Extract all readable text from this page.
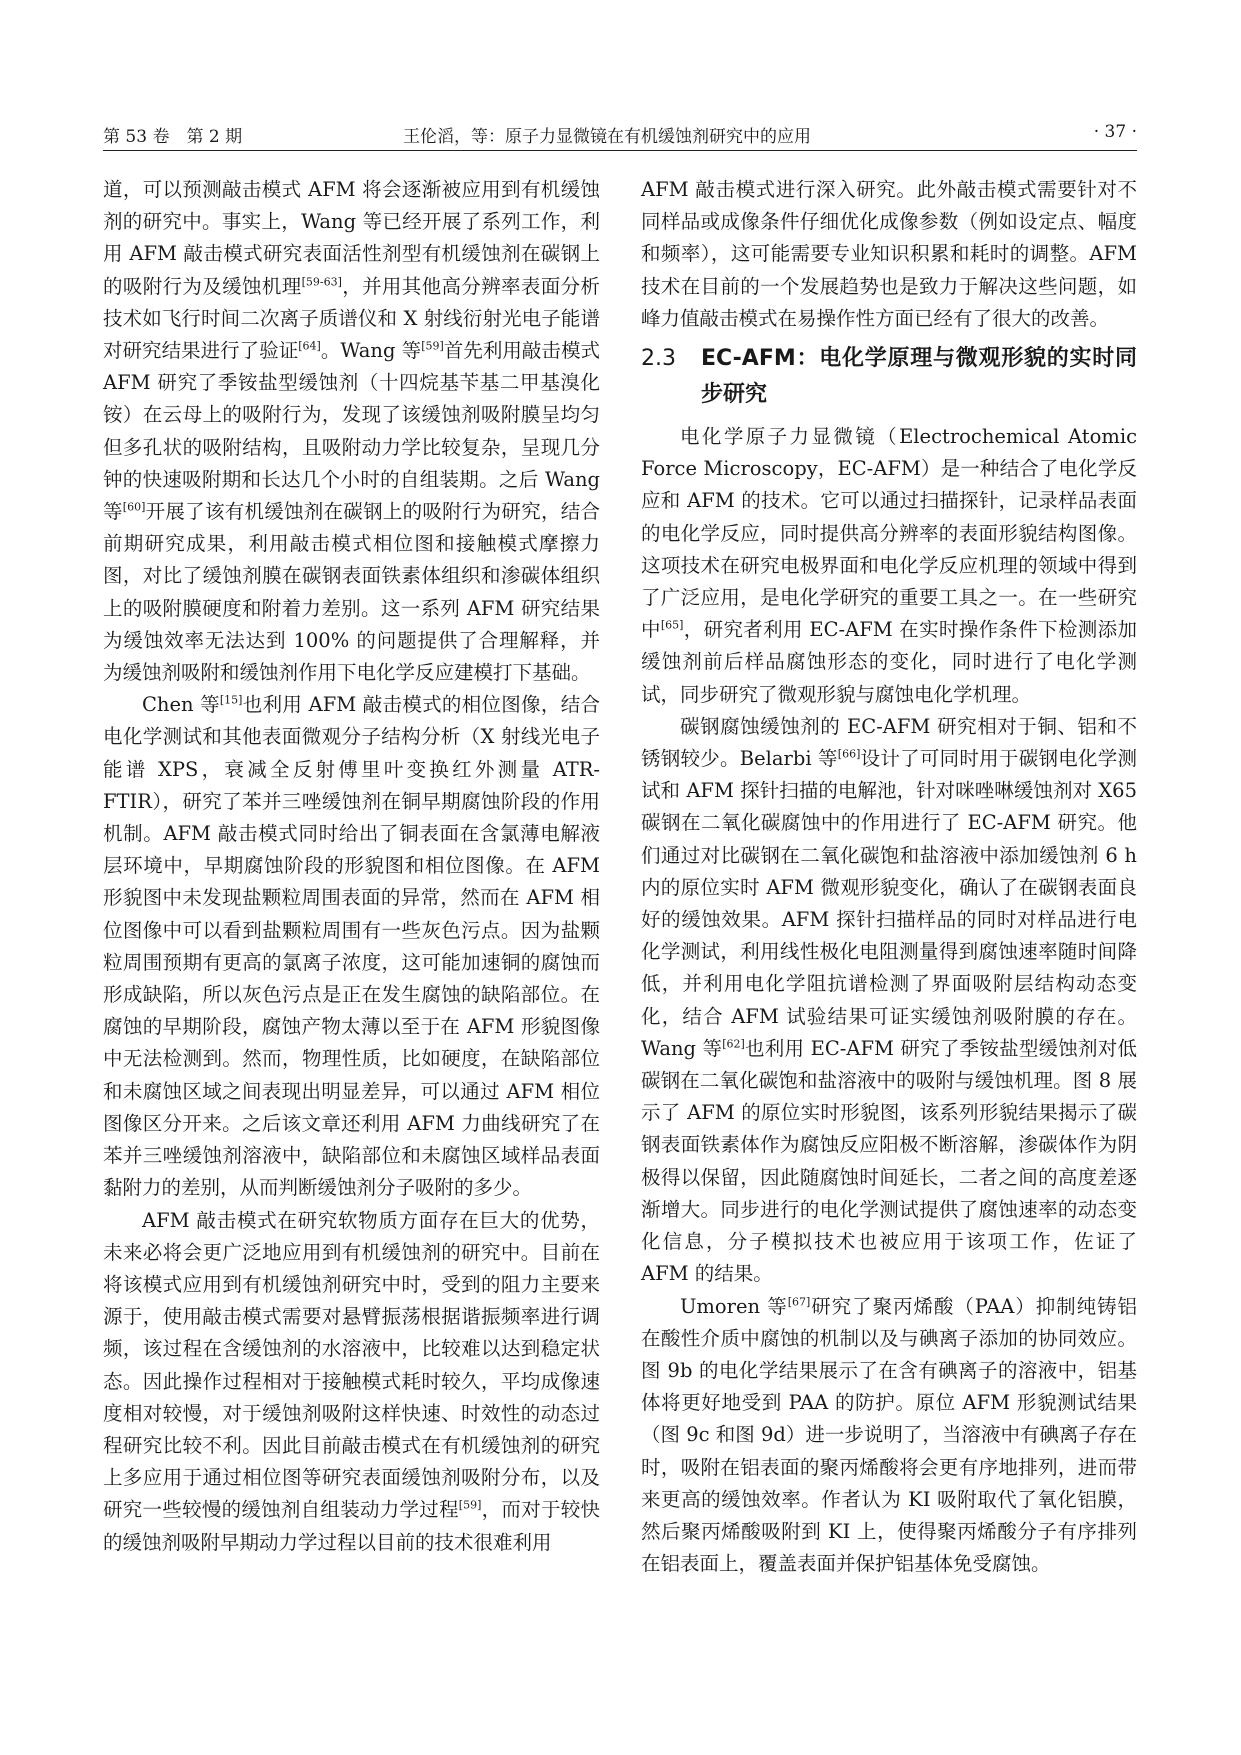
第 53 卷　第 2 期	王伦滔，等：原子力显微镜在有机缓蚀剂研究中的应用	· 37 ·

道，可以预测敲击模式 AFM 将会逐渐被应用到有机缓蚀剂的研究中。事实上，Wang 等已经开展了系列工作，利用 AFM 敲击模式研究表面活性剂型有机缓蚀剂在碳钢上的吸附行为及缓蚀机理[59-63]，并用其他高分辨率表面分析技术如飞行时间二次离子质谱仪和 X 射线衍射光电子能谱对研究结果进行了验证[64]。Wang 等[59]首先利用敲击模式 AFM 研究了季铵盐型缓蚀剂（十四烷基苄基二甲基溴化铵）在云母上的吸附行为，发现了该缓蚀剂吸附膜呈均匀但多孔状的吸附结构，且吸附动力学比较复杂，呈现几分钟的快速吸附期和长达几个小时的自组装期。之后 Wang 等[60]开展了该有机缓蚀剂在碳钢上的吸附行为研究，结合前期研究成果，利用敲击模式相位图和接触模式摩擦力图，对比了缓蚀剂膜在碳钢表面铁素体组织和渗碳体组织上的吸附膜硬度和附着力差别。这一系列 AFM 研究结果为缓蚀效率无法达到 100% 的问题提供了合理解释，并为缓蚀剂吸附和缓蚀剂作用下电化学反应建模打下基础。

Chen 等[15]也利用 AFM 敲击模式的相位图像，结合电化学测试和其他表面微观分子结构分析（X 射线光电子能谱 XPS，衰减全反射傅里叶变换红外测量 ATR-FTIR），研究了苯并三唑缓蚀剂在铜早期腐蚀阶段的作用机制。AFM 敲击模式同时给出了铜表面在含氯薄电解液层环境中，早期腐蚀阶段的形貌图和相位图像。在 AFM 形貌图中未发现盐颗粒周围表面的异常，然而在 AFM 相位图像中可以看到盐颗粒周围有一些灰色污点。因为盐颗粒周围预期有更高的氯离子浓度，这可能加速铜的腐蚀而形成缺陷，所以灰色污点是正在发生腐蚀的缺陷部位。在腐蚀的早期阶段，腐蚀产物太薄以至于在 AFM 形貌图像中无法检测到。然而，物理性质，比如硬度，在缺陷部位和未腐蚀区域之间表现出明显差异，可以通过 AFM 相位图像区分开来。之后该文章还利用 AFM 力曲线研究了在苯并三唑缓蚀剂溶液中，缺陷部位和未腐蚀区域样品表面黏附力的差别，从而判断缓蚀剂分子吸附的多少。

AFM 敲击模式在研究软物质方面存在巨大的优势，未来必将会更广泛地应用到有机缓蚀剂的研究中。目前在将该模式应用到有机缓蚀剂研究中时，受到的阻力主要来源于，使用敲击模式需要对悬臂振荡根据谐振频率进行调频，该过程在含缓蚀剂的水溶液中，比较难以达到稳定状态。因此操作过程相对于接触模式耗时较久，平均成像速度相对较慢，对于缓蚀剂吸附这样快速、时效性的动态过程研究比较不利。因此目前敲击模式在有机缓蚀剂的研究上多应用于通过相位图等研究表面缓蚀剂吸附分布，以及研究一些较慢的缓蚀剂自组装动力学过程[59]，而对于较快的缓蚀剂吸附早期动力学过程以目前的技术很难利用

AFM 敲击模式进行深入研究。此外敲击模式需要针对不同样品或成像条件仔细优化成像参数（例如设定点、幅度和频率），这可能需要专业知识积累和耗时的调整。AFM 技术在目前的一个发展趋势也是致力于解决这些问题，如峰力值敲击模式在易操作性方面已经有了很大的改善。

2.3	EC-AFM：电化学原理与微观形貌的实时同步研究

电化学原子力显微镜（Electrochemical Atomic Force Microscopy，EC-AFM）是一种结合了电化学反应和 AFM 的技术。它可以通过扫描探针，记录样品表面的电化学反应，同时提供高分辨率的表面形貌结构图像。这项技术在研究电极界面和电化学反应机理的领域中得到了广泛应用，是电化学研究的重要工具之一。在一些研究中[65]，研究者利用 EC-AFM 在实时操作条件下检测添加缓蚀剂前后样品腐蚀形态的变化，同时进行了电化学测试，同步研究了微观形貌与腐蚀电化学机理。

碳钢腐蚀缓蚀剂的 EC-AFM 研究相对于铜、铝和不锈钢较少。Belarbi 等[66]设计了可同时用于碳钢电化学测试和 AFM 探针扫描的电解池，针对咪唑啉缓蚀剂对 X65 碳钢在二氧化碳腐蚀中的作用进行了 EC-AFM 研究。他们通过对比碳钢在二氧化碳饱和盐溶液中添加缓蚀剂 6 h 内的原位实时 AFM 微观形貌变化，确认了在碳钢表面良好的缓蚀效果。AFM 探针扫描样品的同时对样品进行电化学测试，利用线性极化电阻测量得到腐蚀速率随时间降低，并利用电化学阻抗谱检测了界面吸附层结构动态变化，结合 AFM 试验结果可证实缓蚀剂吸附膜的存在。Wang 等[62]也利用 EC-AFM 研究了季铵盐型缓蚀剂对低碳钢在二氧化碳饱和盐溶液中的吸附与缓蚀机理。图 8 展示了 AFM 的原位实时形貌图，该系列形貌结果揭示了碳钢表面铁素体作为腐蚀反应阳极不断溶解，渗碳体作为阴极得以保留，因此随腐蚀时间延长，二者之间的高度差逐渐增大。同步进行的电化学测试提供了腐蚀速率的动态变化信息，分子模拟技术也被应用于该项工作，佐证了 AFM 的结果。

Umoren 等[67]研究了聚丙烯酸（PAA）抑制纯铸铝在酸性介质中腐蚀的机制以及与碘离子添加的协同效应。图 9b 的电化学结果展示了在含有碘离子的溶液中，铝基体将更好地受到 PAA 的防护。原位 AFM 形貌测试结果（图 9c 和图 9d）进一步说明了，当溶液中有碘离子存在时，吸附在铝表面的聚丙烯酸将会更有序地排列，进而带来更高的缓蚀效率。作者认为 KI 吸附取代了氧化铝膜，然后聚丙烯酸吸附到 KI 上，使得聚丙烯酸分子有序排列在铝表面上，覆盖表面并保护铝基体免受腐蚀。
